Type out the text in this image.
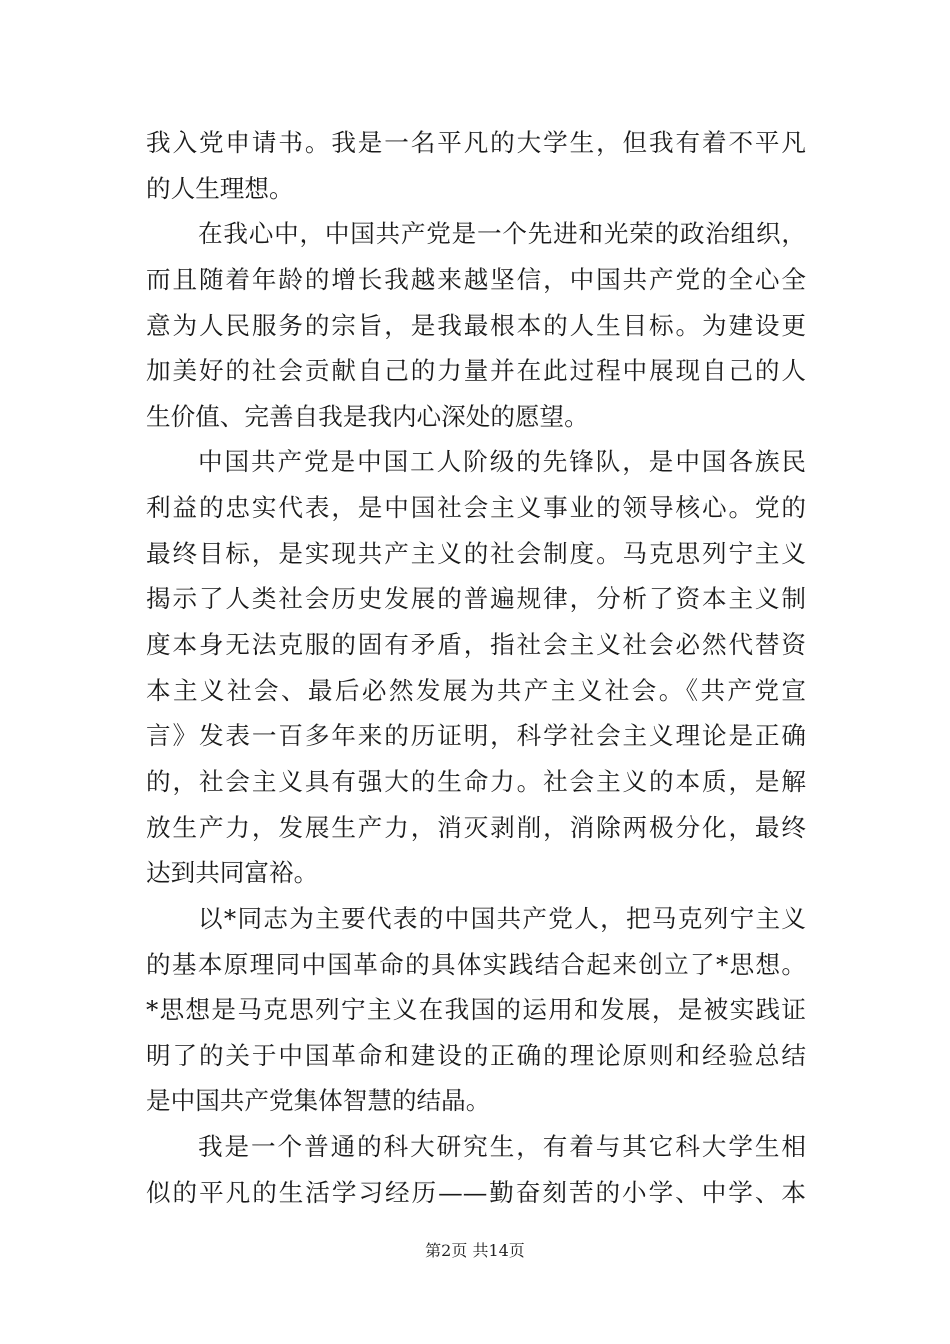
我入党申请书。我是一名平凡的大学生，但我有着不平凡
的人生理想。
在我心中，中国共产党是一个先进和光荣的政治组织，
而且随着年龄的增长我越来越坚信，中国共产党的全心全
意为人民服务的宗旨，是我最根本的人生目标。为建设更
加美好的社会贡献自己的力量并在此过程中展现自己的人
生价值、完善自我是我内心深处的愿望。
中国共产党是中国工人阶级的先锋队，是中国各族民
利益的忠实代表，是中国社会主义事业的领导核心。党的
最终目标，是实现共产主义的社会制度。马克思列宁主义
揭示了人类社会历史发展的普遍规律，分析了资本主义制
度本身无法克服的固有矛盾，指社会主义社会必然代替资
本主义社会、最后必然发展为共产主义社会。《共产党宣
言》发表一百多年来的历证明，科学社会主义理论是正确
的，社会主义具有强大的生命力。社会主义的本质，是解
放生产力，发展生产力，消灭剥削，消除两极分化，最终
达到共同富裕。
以*同志为主要代表的中国共产党人，把马克列宁主义
的基本原理同中国革命的具体实践结合起来创立了*思想。
*思想是马克思列宁主义在我国的运用和发展，是被实践证
明了的关于中国革命和建设的正确的理论原则和经验总结
是中国共产党集体智慧的结晶。
我是一个普通的科大研究生，有着与其它科大学生相
似的平凡的生活学习经历——勤奋刻苦的小学、中学、本
第2页 共14页
